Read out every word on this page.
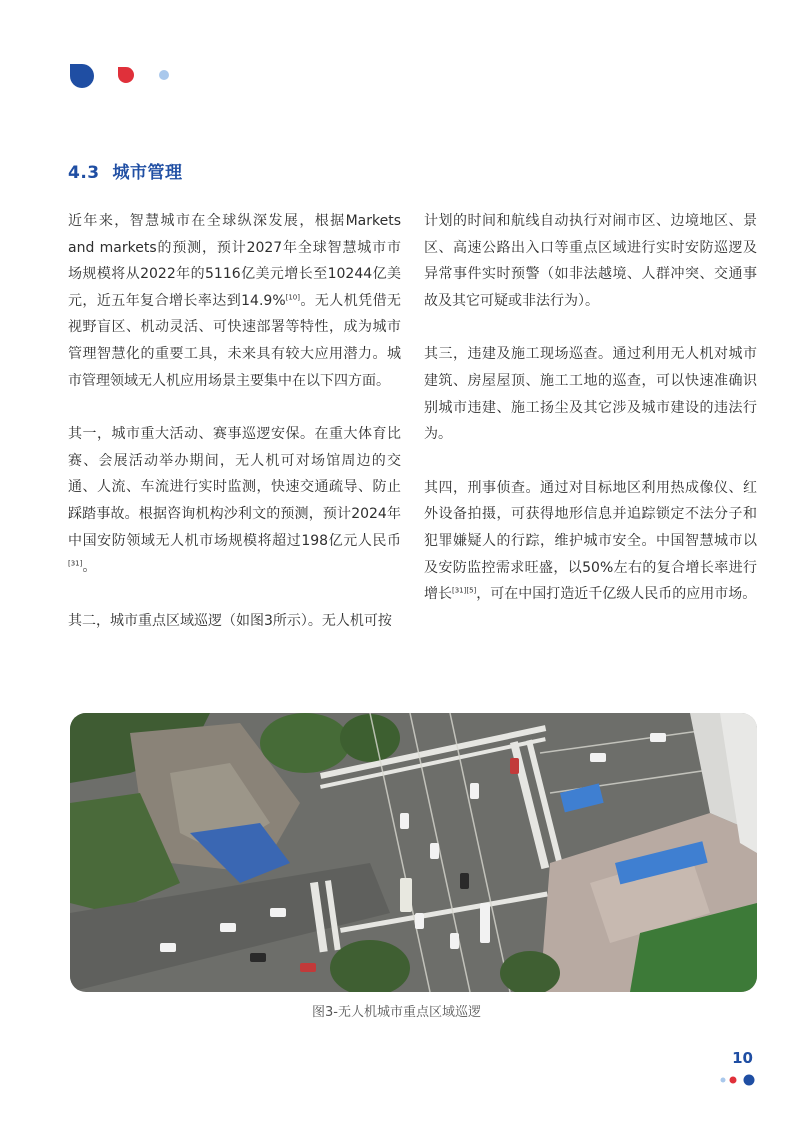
4.3 城市管理

近年来，智慧城市在全球纵深发展，根据Markets and markets的预测，预计2027年全球智慧城市市场规模将从2022年的5116亿美元增长至10244亿美元，近五年复合增长率达到14.9%[10]。无人机凭借无视野盲区、机动灵活、可快速部署等特性，成为城市管理智慧化的重要工具，未来具有较大应用潜力。城市管理领域无人机应用场景主要集中在以下四方面。

其一，城市重大活动、赛事巡逻安保。在重大体育比赛、会展活动举办期间，无人机可对场馆周边的交通、人流、车流进行实时监测，快速交通疏导、防止踩踏事故。根据咨询机构沙利文的预测，预计2024年中国安防领域无人机市场规模将超过198亿元人民币[31]。

其二，城市重点区域巡逻（如图3所示）。无人机可按

计划的时间和航线自动执行对闹市区、边境地区、景区、高速公路出入口等重点区域进行实时安防巡逻及异常事件实时预警（如非法越境、人群冲突、交通事故及其它可疑或非法行为）。

其三，违建及施工现场巡查。通过利用无人机对城市建筑、房屋屋顶、施工工地的巡查，可以快速准确识别城市违建、施工扬尘及其它涉及城市建设的违法行为。

其四，刑事侦查。通过对目标地区利用热成像仪、红外设备拍摄，可获得地形信息并追踪锁定不法分子和犯罪嫌疑人的行踪，维护城市安全。中国智慧城市以及安防监控需求旺盛，以50%左右的复合增长率进行增长[31][5]，可在中国打造近千亿级人民币的应用市场。

图3-无人机城市重点区域巡逻
10
